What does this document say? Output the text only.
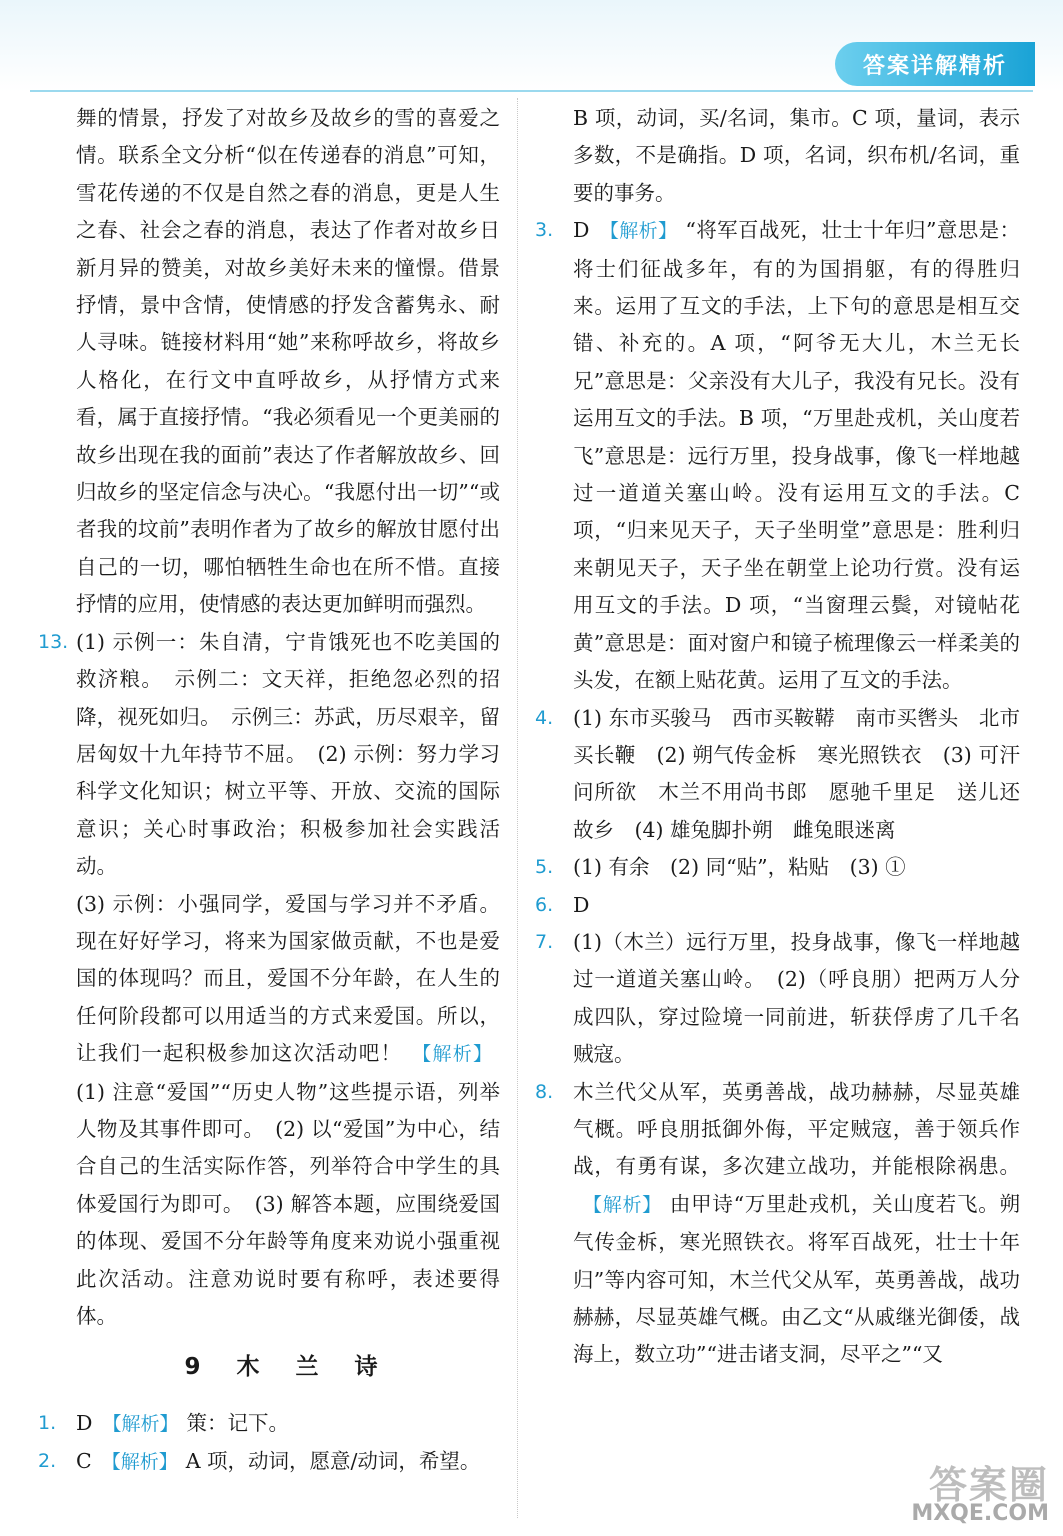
答案详解精析
舞的情景，抒发了对故乡及故乡的雪的喜爱之情。联系全文分析“似在传递春的消息”可知，雪花传递的不仅是自然之春的消息，更是人生之春、社会之春的消息，表达了作者对故乡日新月异的赞美，对故乡美好未来的憧憬。借景抒情，景中含情，使情感的抒发含蓄隽永、耐人寻味。链接材料用“她”来称呼故乡，将故乡人格化，在行文中直呼故乡，从抒情方式来看，属于直接抒情。“我必须看见一个更美丽的故乡出现在我的面前”表达了作者解放故乡、回归故乡的坚定信念与决心。“我愿付出一切”“或者我的坟前”表明作者为了故乡的解放甘愿付出自己的一切，哪怕牺牲生命也在所不惜。直接抒情的应用，使情感的表达更加鲜明而强烈。
13. (1) 示例一：朱自清，宁肯饿死也不吃美国的救济粮。　示例二：文天祥，拒绝忽必烈的招降，视死如归。　示例三：苏武，历尽艰辛，留居匈奴十九年持节不屈。　(2) 示例：努力学习科学文化知识；树立平等、开放、交流的国际意识；关心时事政治；积极参加社会实践活动。
(3) 示例：小强同学，爱国与学习并不矛盾。现在好好学习，将来为国家做贡献，不也是爱国的体现吗？而且，爱国不分年龄，在人生的任何阶段都可以用适当的方式来爱国。所以，让我们一起积极参加这次活动吧！ 【解析】(1) 注意“爱国”“历史人物”这些提示语，列举人物及其事件即可。　(2) 以“爱国”为中心，结合自己的生活实际作答，列举符合中学生的具体爱国行为即可。　(3) 解答本题，应围绕爱国的体现、爱国不分年龄等角度来劝说小强重视此次活动。注意劝说时要有称呼，表述要得体。
9 木 兰 诗
1. D 【解析】 策：记下。
2. C 【解析】 A 项，动词，愿意/动词，希望。
B 项，动词，买/名词，集市。C 项，量词，表示多数，不是确指。D 项，名词，织布机/名词，重要的事务。
3. D 【解析】 “将军百战死，壮士十年归”意思是：将士们征战多年，有的为国捐躯，有的得胜归来。运用了互文的手法，上下句的意思是相互交错、补充的。A 项，“阿爷无大儿，木兰无长兄”意思是：父亲没有大儿子，我没有兄长。没有运用互文的手法。B 项，“万里赴戎机，关山度若飞”意思是：远行万里，投身战事，像飞一样地越过一道道关塞山岭。没有运用互文的手法。C 项，“归来见天子，天子坐明堂”意思是：胜利归来朝见天子，天子坐在朝堂上论功行赏。没有运用互文的手法。D 项，“当窗理云鬓，对镜帖花黄”意思是：面对窗户和镜子梳理像云一样柔美的头发，在额上贴花黄。运用了互文的手法。
4. (1) 东市买骏马　西市买鞍鞯　南市买辔头　北市买长鞭　(2) 朔气传金柝　寒光照铁衣　(3) 可汗问所欲　木兰不用尚书郎　愿驰千里足　送儿还故乡　(4) 雄兔脚扑朔　雌兔眼迷离
5. (1) 有余　(2) 同“贴”，粘贴　(3) ①
6. D
7. (1)（木兰）远行万里，投身战事，像飞一样地越过一道道关塞山岭。　(2)（呼良朋）把两万人分成四队，穿过险境一同前进，斩获俘虏了几千名贼寇。
8. 木兰代父从军，英勇善战，战功赫赫，尽显英雄气概。呼良朋抵御外侮，平定贼寇，善于领兵作战，有勇有谋，多次建立战功，并能根除祸患。【解析】 由甲诗“万里赴戎机，关山度若飞。朔气传金柝，寒光照铁衣。将军百战死，壮士十年归”等内容可知，木兰代父从军，英勇善战，战功赫赫，尽显英雄气概。由乙文“从戚继光御倭，战海上，数立功”“进击诸支洞，尽平之”“又
答案圈
MXQE.COM
